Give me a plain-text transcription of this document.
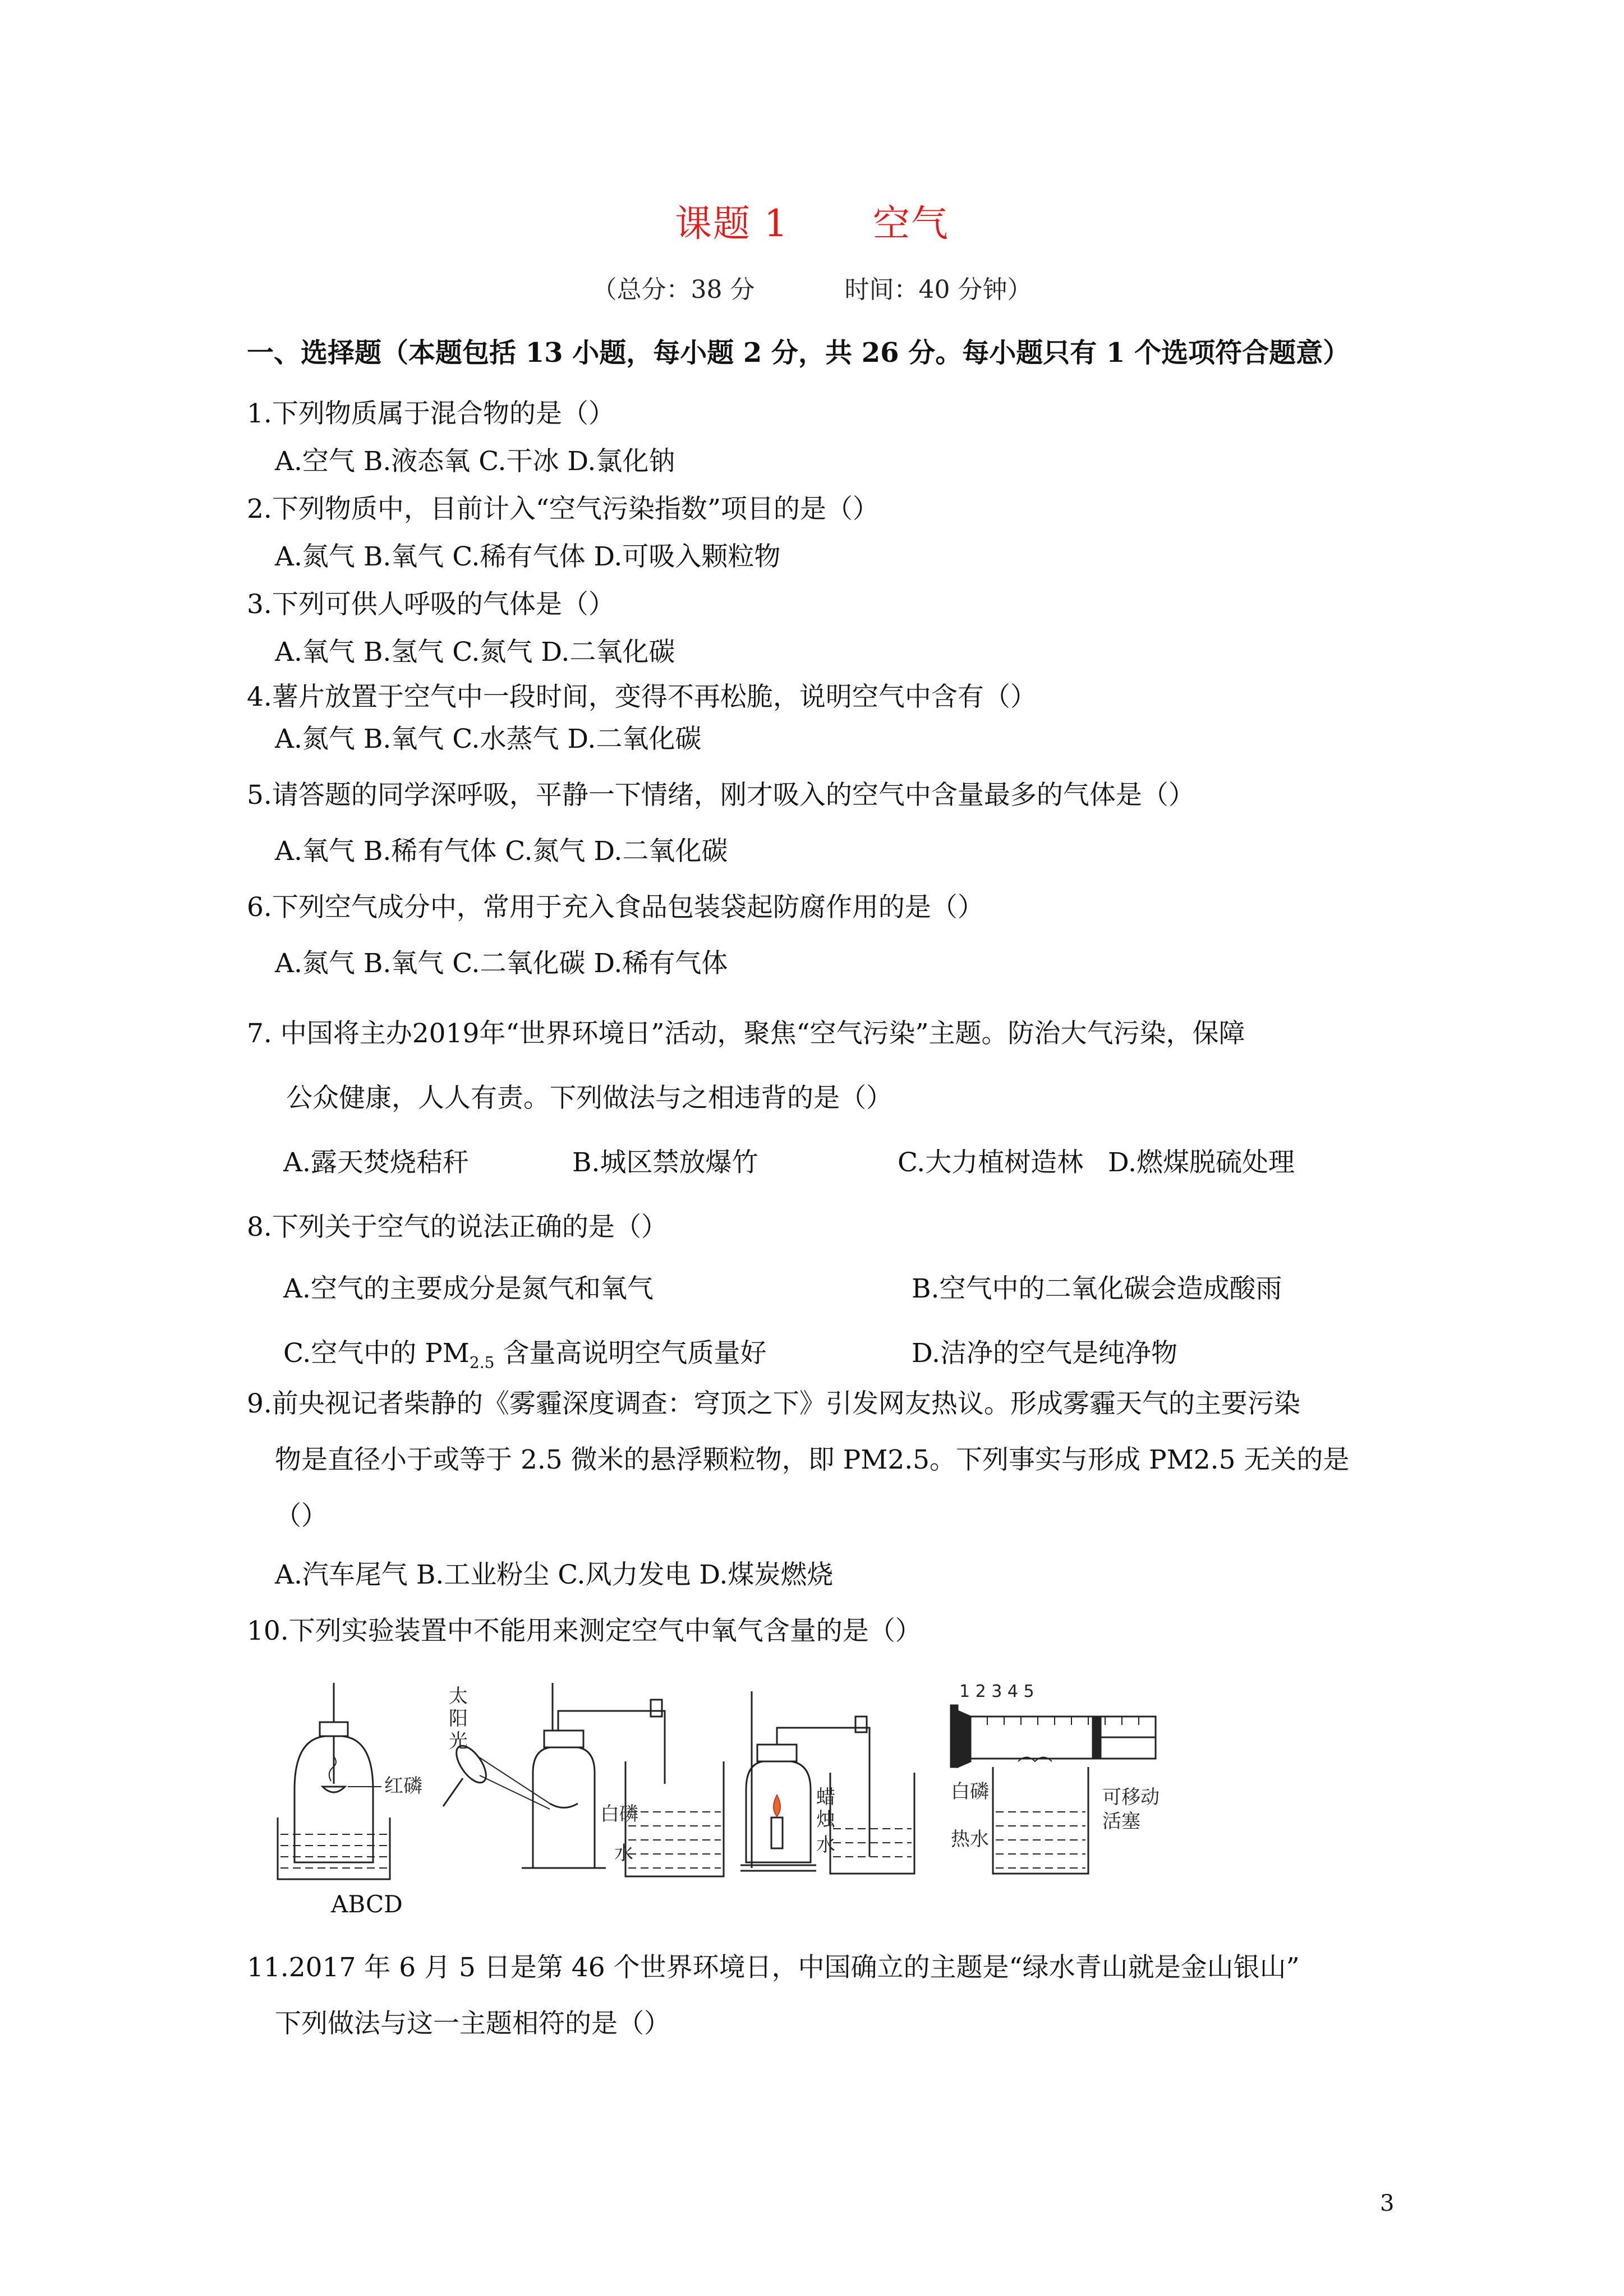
课题 1 空气
（总分：38 分	时间：40 分钟）
一、选择题（本题包括 13 小题，每小题 2 分，共 26 分。每小题只有 1 个选项符合题意）
1.下列物质属于混合物的是（）
A.空气 B.液态氧 C.干冰 D.氯化钠
2.下列物质中，目前计入“空气污染指数”项目的是（）
A.氮气 B.氧气 C.稀有气体 D.可吸入颗粒物
3.下列可供人呼吸的气体是（）
A.氧气 B.氢气 C.氮气 D.二氧化碳
4.薯片放置于空气中一段时间，变得不再松脆，说明空气中含有（）
A.氮气 B.氧气 C.水蒸气 D.二氧化碳
5.请答题的同学深呼吸，平静一下情绪，刚才吸入的空气中含量最多的气体是（）
A.氧气 B.稀有气体 C.氮气 D.二氧化碳
6.下列空气成分中，常用于充入食品包装袋起防腐作用的是（）
A.氮气 B.氧气 C.二氧化碳 D.稀有气体
7. 中国将主办2019年“世界环境日”活动，聚焦“空气污染”主题。防治大气污染，保障
公众健康，人人有责。下列做法与之相违背的是（）
A.露天焚烧秸秆	B.城区禁放爆竹	C.大力植树造林 D.燃煤脱硫处理
8.下列关于空气的说法正确的是（）
A.空气的主要成分是氮气和氧气	B.空气中的二氧化碳会造成酸雨
C.空气中的 $PM_{2.5}$ 含量高说明空气质量好	D.洁净的空气是纯净物
9.前央视记者柴静的《雾霾深度调查：穹顶之下》引发网友热议。形成雾霾天气的主要污染
物是直径小于或等于 2.5 微米的悬浮颗粒物，即 PM2.5。下列事实与形成 PM2.5 无关的是
（）
A.汽车尾气 B.工业粉尘 C.风力发电 D.煤炭燃烧
10.下列实验装置中不能用来测定空气中氧气含量的是（）
红磷
太
阳
光
白磷
水
蜡
烛
水
1 2 3 4 5
白磷
热水
可移动
活塞
ABCD
11.2017 年 6 月 5 日是第 46 个世界环境日，中国确立的主题是“绿水青山就是金山银山”
下列做法与这一主题相符的是（）
3
